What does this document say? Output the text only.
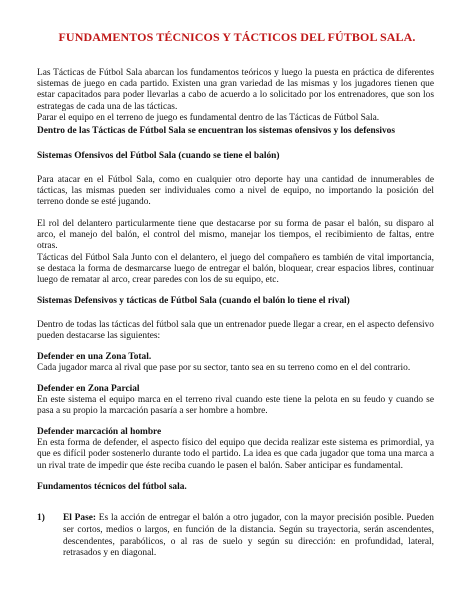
FUNDAMENTOS TÉCNICOS Y TÁCTICOS DEL FÚTBOL SALA.

Las Tácticas de Fútbol Sala abarcan los fundamentos teóricos y luego la puesta en práctica de diferentes sistemas de juego en cada partido. Existen una gran variedad de las mismas y los jugadores tienen que estar capacitados para poder llevarlas a cabo de acuerdo a lo solicitado por los entrenadores, que son los estrategas de cada una de las tácticas.

Parar el equipo en el terreno de juego es fundamental dentro de las Tácticas de Fútbol Sala.

Dentro de las Tácticas de Fútbol Sala se encuentran los sistemas ofensivos y los defensivos
Sistemas Ofensivos del Fútbol Sala (cuando se tiene el balón)
Para atacar en el Fútbol Sala, como en cualquier otro deporte hay una cantidad de innumerables de tácticas, las mismas pueden ser individuales como a nivel de equipo, no importando la posición del terreno donde se esté jugando.
El rol del delantero particularmente tiene que destacarse por su forma de pasar el balón, su disparo al arco, el manejo del balón, el control del mismo, manejar los tiempos, el recibimiento de faltas, entre otras.
Tácticas del Fútbol Sala Junto con el delantero, el juego del compañero es también de vital importancia, se destaca la forma de desmarcarse luego de entregar el balón, bloquear, crear espacios libres, continuar luego de rematar al arco, crear paredes con los de su equipo, etc.
Sistemas Defensivos y tácticas de Fútbol Sala (cuando el balón lo tiene el rival)
Dentro de todas las tácticas del fútbol sala que un entrenador puede llegar a crear, en el aspecto defensivo pueden destacarse las siguientes:

Defender en una Zona Total.

Cada jugador marca al rival que pase por su sector, tanto sea en su terreno como en el del contrario.

Defender en Zona Parcial

En este sistema el equipo marca en el terreno rival cuando este tiene la pelota en su feudo y cuando se pasa a su propio la marcación pasaría a ser hombre a hombre.

Defender marcación al hombre

En esta forma de defender, el aspecto físico del equipo que decida realizar este sistema es primordial, ya que es difícil poder sostenerlo durante todo el partido. La idea es que cada jugador que toma una marca a un rival trate de impedir que éste reciba cuando le pasen el balón. Saber anticipar es fundamental.

Fundamentos técnicos del fútbol sala.
1) El Pase: Es la acción de entregar el balón a otro jugador, con la mayor precisión posible. Pueden ser cortos, medios o largos, en función de la distancia. Según su trayectoria, serán ascendentes, descendentes, parabólicos, o al ras de suelo y según su dirección: en profundidad, lateral, retrasados y en diagonal.
